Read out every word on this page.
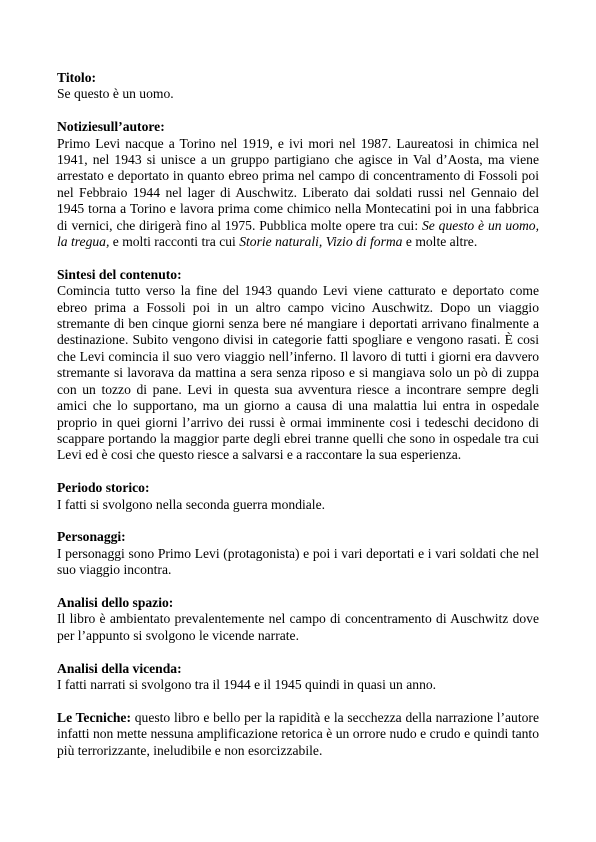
Titolo:
Se questo è un uomo.
Notiziesull’autore:
Primo Levi nacque a Torino nel 1919, e ivi mori nel 1987. Laureatosi in chimica nel 1941, nel 1943 si unisce a un gruppo partigiano che agisce in Val d’Aosta, ma viene arrestato e deportato in quanto ebreo prima nel campo di concentramento di Fossoli poi nel Febbraio 1944 nel lager di Auschwitz. Liberato dai soldati russi nel Gennaio del 1945 torna a Torino e lavora prima come chimico nella Montecatini poi in una fabbrica di vernici, che dirigerà fino al 1975. Pubblica molte opere tra cui: Se questo è un uomo, la tregua, e molti racconti tra cui Storie naturali, Vizio di forma e molte altre.
Sintesi del contenuto:
Comincia tutto verso la fine del 1943 quando Levi viene catturato e deportato come ebreo prima a Fossoli poi in un altro campo vicino Auschwitz. Dopo un viaggio stremante di ben cinque giorni senza bere né mangiare i deportati arrivano finalmente a destinazione. Subito vengono divisi in categorie fatti spogliare e vengono rasati. È cosi che Levi comincia il suo vero viaggio nell’inferno. Il lavoro di tutti i giorni era davvero stremante si lavorava da mattina a sera senza riposo e si mangiava solo un pò di zuppa con un tozzo di pane. Levi in questa sua avventura riesce a incontrare sempre degli amici che lo supportano, ma un giorno a causa di una malattia lui entra in ospedale proprio in quei giorni l’arrivo dei russi è ormai imminente cosi i tedeschi decidono di scappare portando la maggior parte degli ebrei tranne quelli che sono in ospedale tra cui Levi ed è cosi che questo riesce a salvarsi e a raccontare la sua esperienza.
Periodo storico:
I fatti si svolgono nella seconda guerra mondiale.
Personaggi:
I personaggi sono Primo Levi (protagonista) e poi i vari deportati e i vari soldati che nel suo viaggio incontra.
Analisi dello spazio:
Il libro è ambientato prevalentemente nel campo di concentramento di Auschwitz dove per l’appunto si svolgono le vicende narrate.
Analisi della vicenda:
I fatti narrati si svolgono tra il 1944 e il 1945 quindi in quasi un anno.
Le Tecniche: questo libro e bello per la rapidità e la secchezza della narrazione l’autore infatti non mette nessuna amplificazione retorica è un orrore nudo e crudo e quindi tanto più terrorizzante, ineludibile e non esorcizzabile.
